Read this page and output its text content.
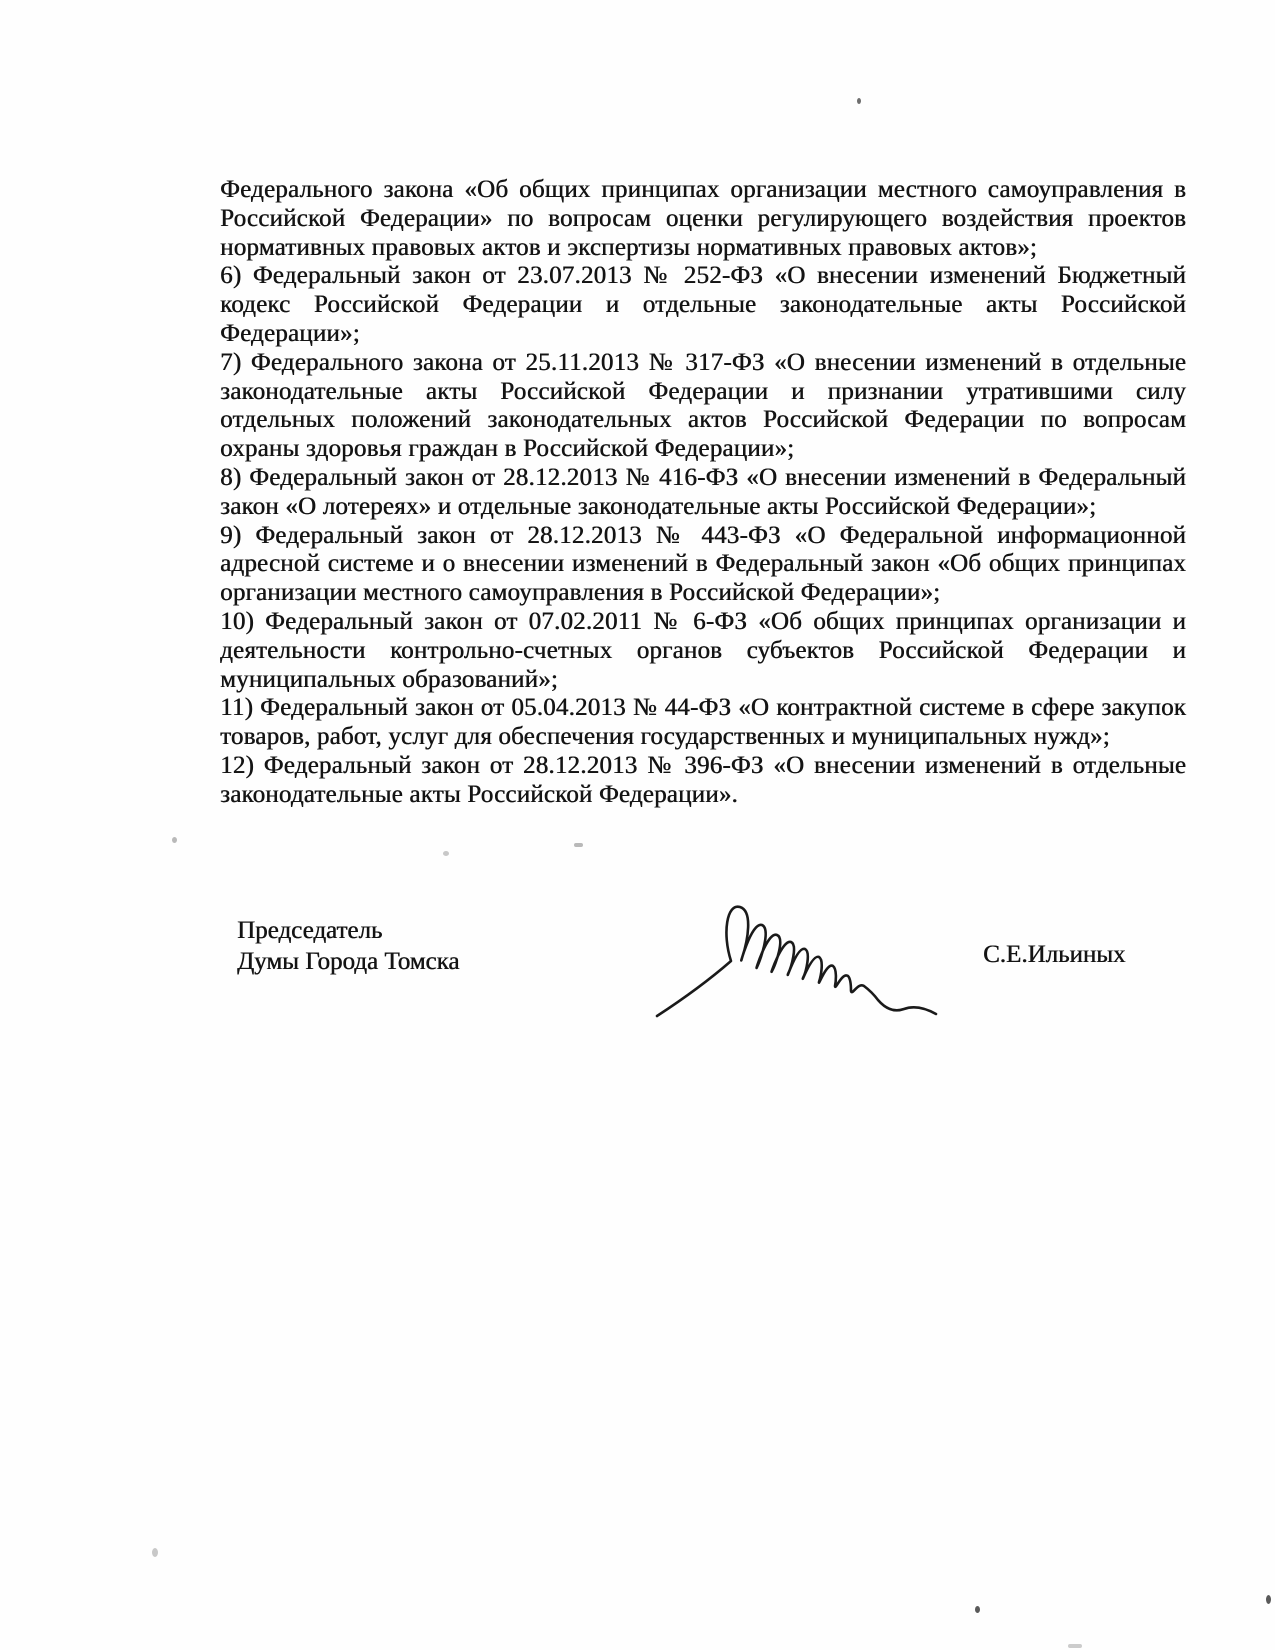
Федерального закона «Об общих принципах организации местного самоуправления в Российской Федерации» по вопросам оценки регулирующего воздействия проектов нормативных правовых актов и экспертизы нормативных правовых актов»;

6) Федеральный закон от 23.07.2013 № 252-ФЗ «О внесении изменений Бюджетный кодекс Российской Федерации и отдельные законодательные акты Российской Федерации»;

7) Федерального закона от 25.11.2013 № 317-ФЗ «О внесении изменений в отдельные законодательные акты Российской Федерации и признании утратившими силу отдельных положений законодательных актов Российской Федерации по вопросам охраны здоровья граждан в Российской Федерации»;

8) Федеральный закон от 28.12.2013 № 416-ФЗ «О внесении изменений в Федеральный закон «О лотереях» и отдельные законодательные акты Российской Федерации»;

9) Федеральный закон от 28.12.2013 № 443-ФЗ «О Федеральной информационной адресной системе и о внесении изменений в Федеральный закон «Об общих принципах организации местного самоуправления в Российской Федерации»;

10) Федеральный закон от 07.02.2011 № 6-ФЗ «Об общих принципах организации и деятельности контрольно-счетных органов субъектов Российской Федерации и муниципальных образований»;

11) Федеральный закон от 05.04.2013 № 44-ФЗ «О контрактной системе в сфере закупок товаров, работ, услуг для обеспечения государственных и муниципальных нужд»;

12) Федеральный закон от 28.12.2013 № 396-ФЗ «О внесении изменений в отдельные законодательные акты Российской Федерации».

Председатель
Думы Города Томска	С.Е.Ильиных
